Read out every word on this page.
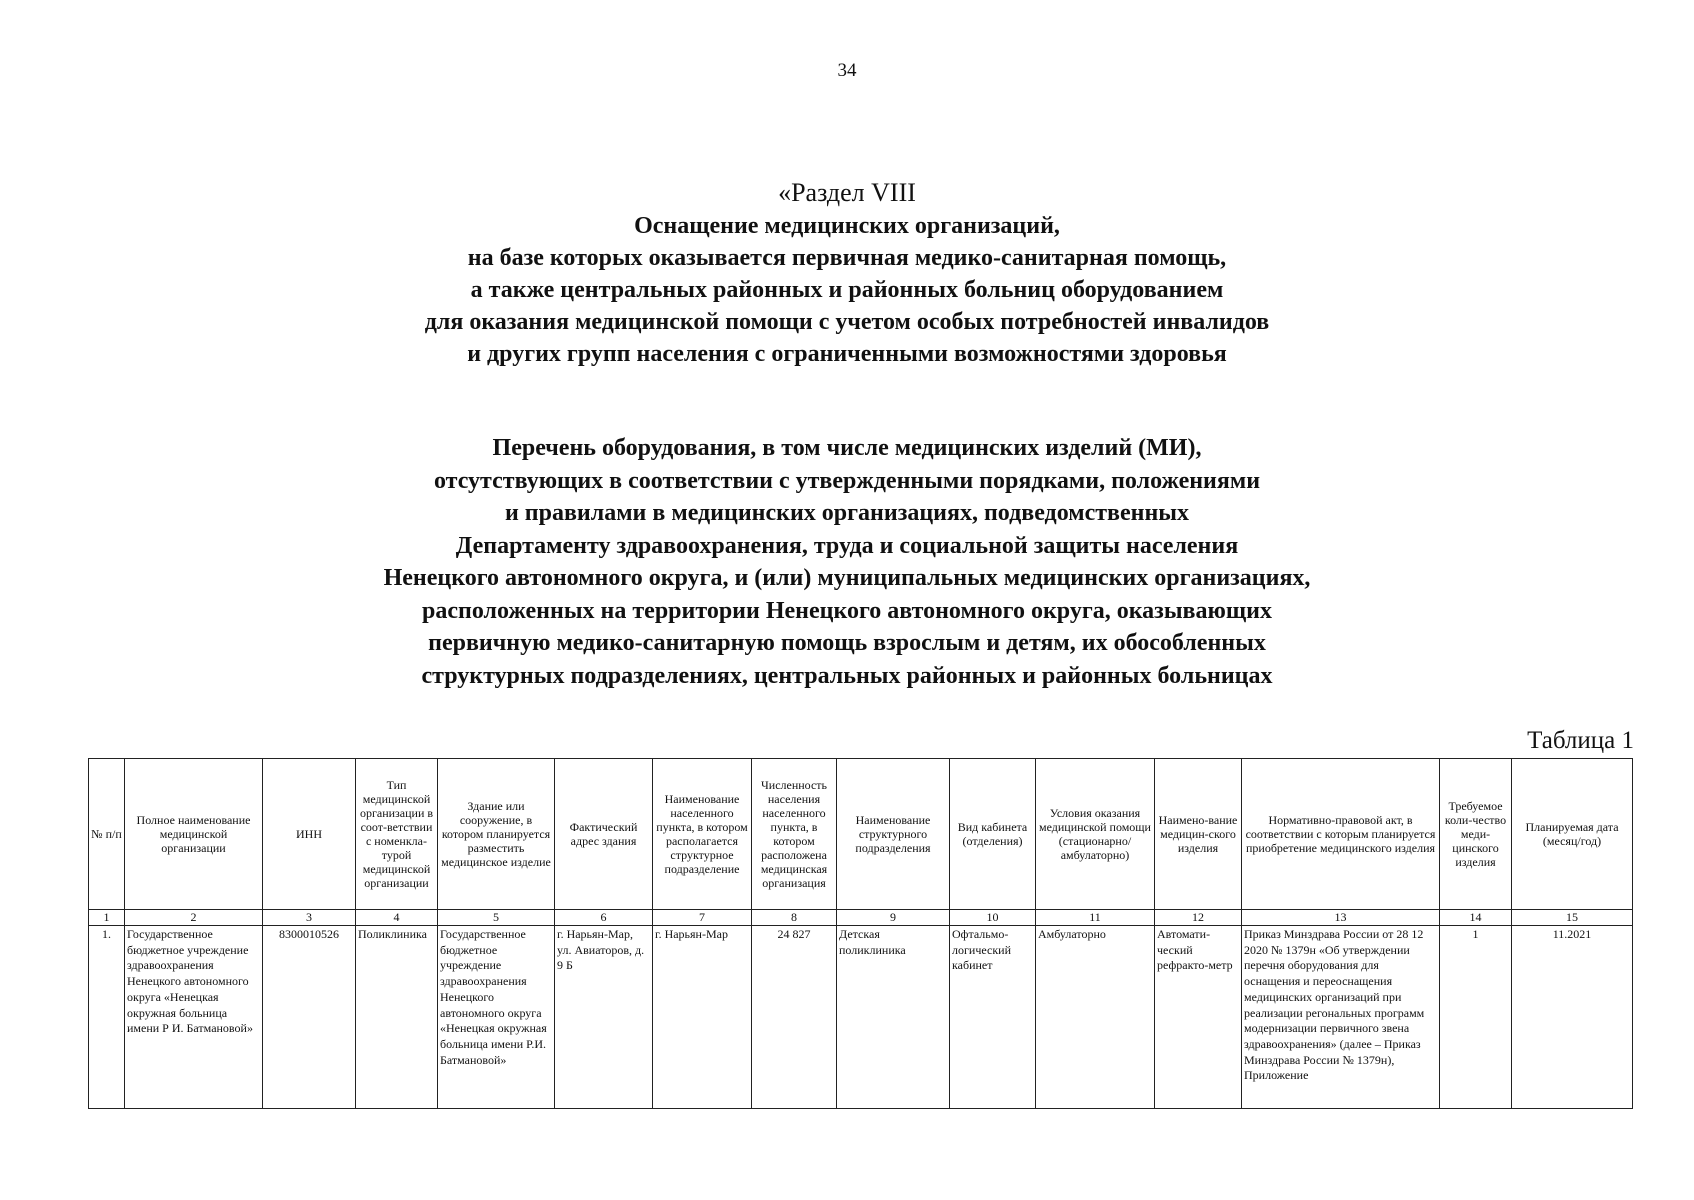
34
«Раздел VIII
Оснащение медицинских организаций,
на базе которых оказывается первичная медико-санитарная помощь,
а также центральных районных и районных больниц оборудованием
для оказания медицинской помощи с учетом особых потребностей инвалидов
и других групп населения с ограниченными возможностями здоровья
Перечень оборудования, в том числе медицинских изделий (МИ),
отсутствующих в соответствии с утвержденными порядками, положениями
и правилами в медицинских организациях, подведомственных
Департаменту здравоохранения, труда и социальной защиты населения
Ненецкого автономного округа, и (или) муниципальных медицинских организациях,
расположенных на территории Ненецкого автономного округа, оказывающих
первичную медико-санитарную помощь взрослым и детям, их обособленных
структурных подразделениях, центральных районных и районных больницах
Таблица 1
№ п/п	Полное наименование медицинской организации	ИНН	Тип медицинской организации в соот-ветствии с номенкла-турой медицинской организации	Здание или сооружение, в котором планируется разместить медицинское изделие	Фактический адрес здания	Наименование населенного пункта, в котором располагается структурное подразделение	Численность населения населенного пункта, в котором расположена медицинская организация	Наименование структурного подразделения	Вид кабинета (отделения)	Условия оказания медицинской помощи (стационарно/ амбулаторно)	Наимено-вание медицин-ского изделия	Нормативно-правовой акт, в соответствии с которым планируется приобретение медицинского изделия	Требуемое коли-чество меди-цинского изделия	Планируемая дата (месяц/год)
1	2	3	4	5	6	7	8	9	10	11	12	13	14	15
1.	Государственное бюджетное учреждение здравоохранения Ненецкого автономного округа «Ненецкая окружная больница имени Р И. Батмановой»	8300010526	Поликлиника	Государственное бюджетное учреждение здравоохранения Ненецкого автономного округа «Ненецкая окружная больница имени Р.И. Батмановой»	г. Нарьян-Мар, ул. Авиаторов, д. 9 Б	г. Нарьян-Мар	24 827	Детская поликлиника	Офтальмо-логический кабинет	Амбулаторно	Автомати-ческий рефракто-метр	Приказ Минздрава России от 28 12 2020 № 1379н «Об утверждении перечня оборудования для оснащения и переоснащения медицинских организаций при реализации регональных программ модернизации первичного звена здравоохранения» (далее – Приказ Минздрава России № 1379н), Приложение	1	11.2021
